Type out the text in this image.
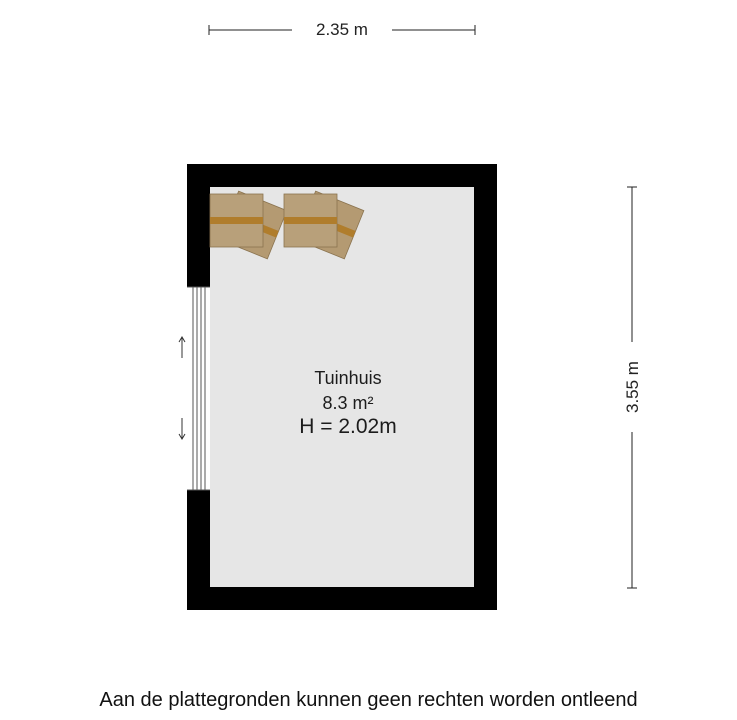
2.35 m
3.55 m
Tuinhuis
8.3 m²
H = 2.02m
Aan de plattegronden kunnen geen rechten worden ontleend
